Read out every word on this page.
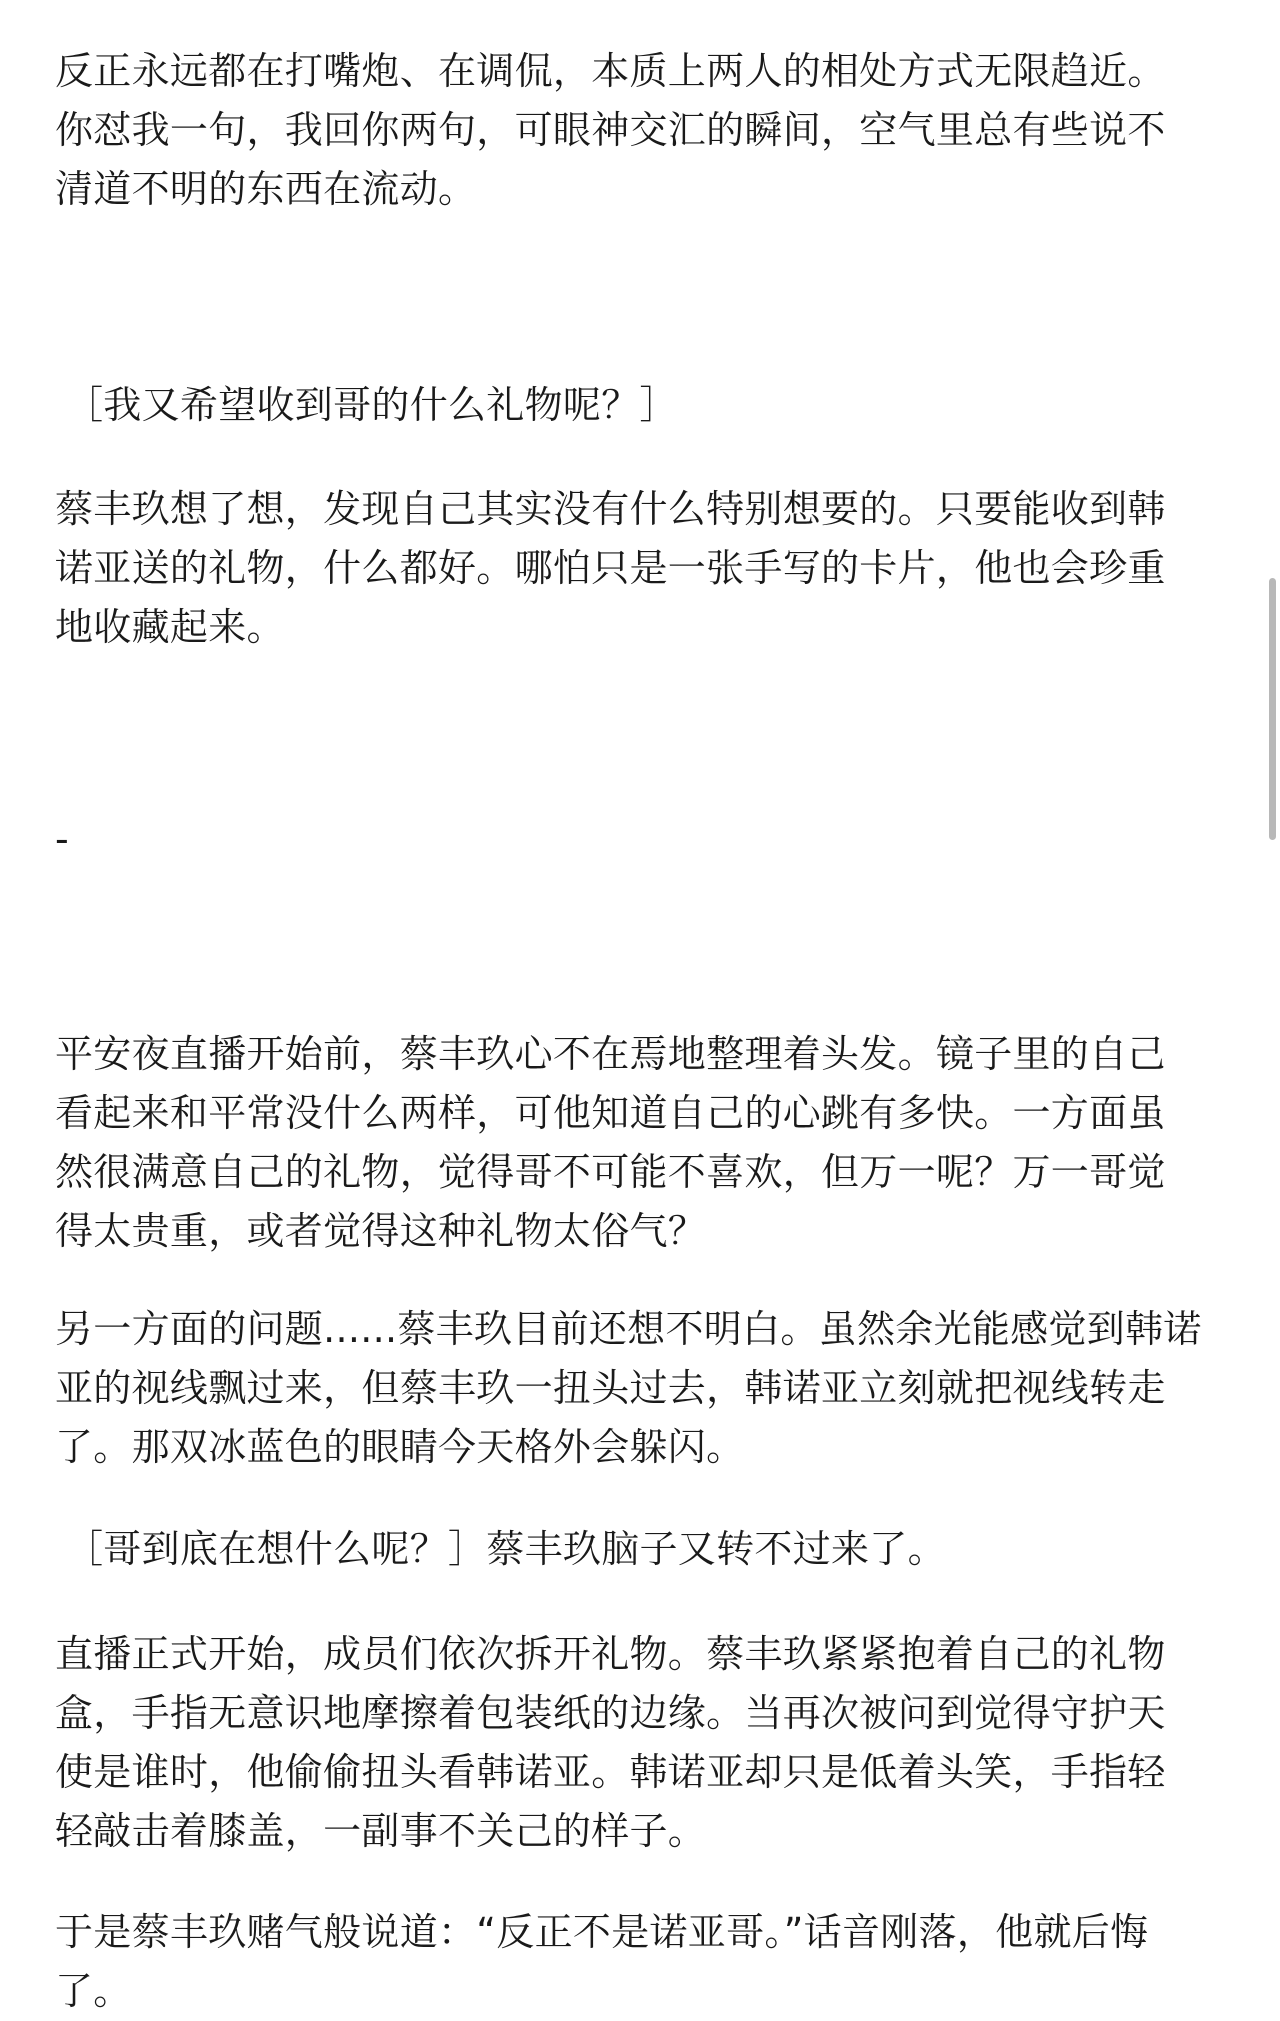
反正永远都在打嘴炮、在调侃，本质上两人的相处方式无限趋近。
你怼我一句，我回你两句，可眼神交汇的瞬间，空气里总有些说不
清道不明的东西在流动。
［我又希望收到哥的什么礼物呢？］
蔡丰玖想了想，发现自己其实没有什么特别想要的。只要能收到韩
诺亚送的礼物，什么都好。哪怕只是一张手写的卡片，他也会珍重
地收藏起来。
-
平安夜直播开始前，蔡丰玖心不在焉地整理着头发。镜子里的自己
看起来和平常没什么两样，可他知道自己的心跳有多快。一方面虽
然很满意自己的礼物，觉得哥不可能不喜欢，但万一呢？万一哥觉
得太贵重，或者觉得这种礼物太俗气？
另一方面的问题......蔡丰玖目前还想不明白。虽然余光能感觉到韩诺
亚的视线飘过来，但蔡丰玖一扭头过去，韩诺亚立刻就把视线转走
了。那双冰蓝色的眼睛今天格外会躲闪。
［哥到底在想什么呢？］蔡丰玖脑子又转不过来了。
直播正式开始，成员们依次拆开礼物。蔡丰玖紧紧抱着自己的礼物
盒，手指无意识地摩擦着包装纸的边缘。当再次被问到觉得守护天
使是谁时，他偷偷扭头看韩诺亚。韩诺亚却只是低着头笑，手指轻
轻敲击着膝盖，一副事不关己的样子。
于是蔡丰玖赌气般说道：“反正不是诺亚哥。”话音刚落，他就后悔
了。
